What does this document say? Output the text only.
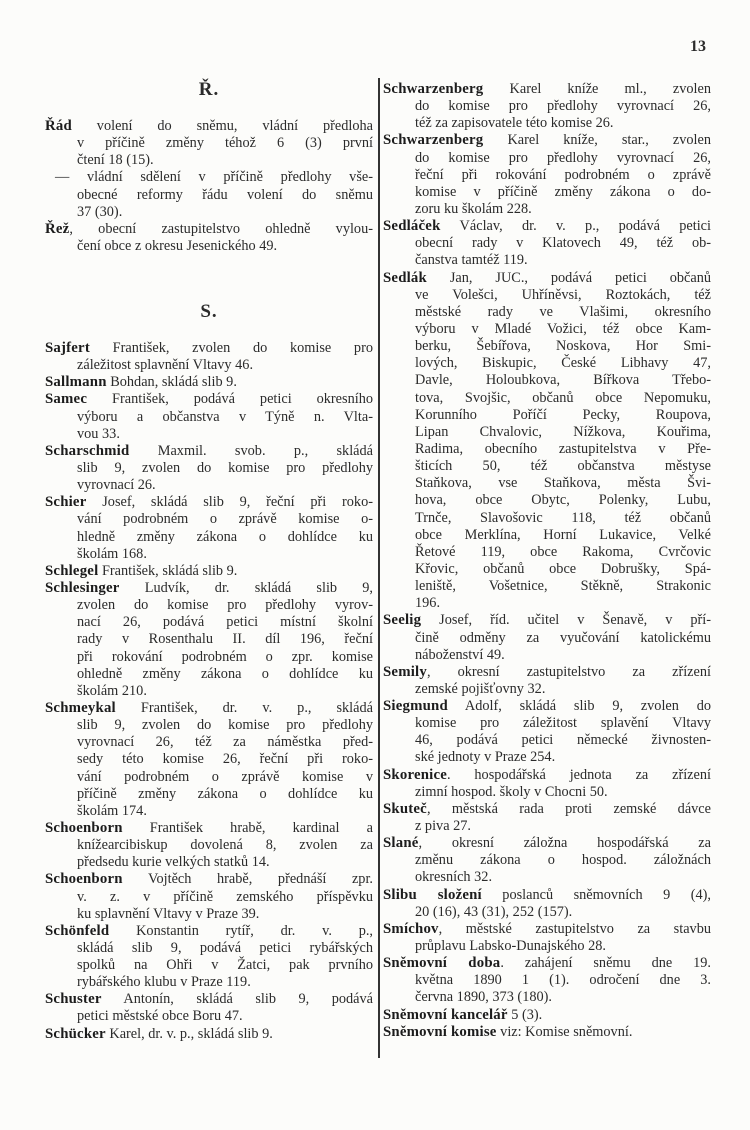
13
Ř.
Řád volení do sněmu, vládní předloha
v příčině změny téhož 6 (3) první
čtení 18 (15).
— vládní sdělení v příčině předlohy vše-
obecné reformy řádu volení do sněmu
37 (30).
Řež, obecní zastupitelstvo ohledně vylou-
čení obce z okresu Jesenického 49.
S.
Sajfert František, zvolen do komise pro
záležitost splavnění Vltavy 46.
Sallmann Bohdan, skládá slib 9.
Samec František, podává petici okresního
výboru a občanstva v Týně n. Vlta-
vou 33.
Scharschmid Maxmil. svob. p., skládá
slib 9, zvolen do komise pro předlohy
vyrovnací 26.
Schier Josef, skládá slib 9, řeční při roko-
vání podrobném o zprávě komise o-
hledně změny zákona o dohlídce ku
školám 168.
Schlegel František, skládá slib 9.
Schlesinger Ludvík, dr. skládá slib 9,
zvolen do komise pro předlohy vyrov-
nací 26, podává petici místní školní
rady v Rosenthalu II. díl 196, řeční
při rokování podrobném o zpr. komise
ohledně změny zákona o dohlídce ku
školám 210.
Schmeykal František, dr. v. p., skládá
slib 9, zvolen do komise pro předlohy
vyrovnací 26, též za náměstka před-
sedy této komise 26, řeční při roko-
vání podrobném o zprávě komise v
příčině změny zákona o dohlídce ku
školám 174.
Schoenborn František hrabě, kardinal a
knížearcibiskup dovolená 8, zvolen za
předsedu kurie velkých statků 14.
Schoenborn Vojtěch hrabě, přednáší zpr.
v. z. v příčině zemského příspěvku
ku splavnění Vltavy v Praze 39.
Schönfeld Konstantin rytíř, dr. v. p.,
skládá slib 9, podává petici rybářských
spolků na Ohři v Žatci, pak prvního
rybářského klubu v Praze 119.
Schuster Antonín, skládá slib 9, podává
petici městské obce Boru 47.
Schücker Karel, dr. v. p., skládá slib 9.
Schwarzenberg Karel kníže ml., zvolen
do komise pro předlohy vyrovnací 26,
též za zapisovatele této komise 26.
Schwarzenberg Karel kníže, star., zvolen
do komise pro předlohy vyrovnací 26,
řeční při rokování podrobném o zprávě
komise v příčině změny zákona o do-
zoru ku školám 228.
Sedláček Václav, dr. v. p., podává petici
obecní rady v Klatovech 49, též ob-
čanstva tamtéž 119.
Sedlák Jan, JUC., podává petici občanů
ve Volešci, Uhříněvsi, Roztokách, též
městské rady ve Vlašimi, okresního
výboru v Mladé Vožici, též obce Kam-
berku, Šebířova, Noskova, Hor Smi-
lových, Biskupic, České Libhavy 47,
Davle, Holoubkova, Bířkova Třebo-
tova, Svojšic, občanů obce Nepomuku,
Korunního Poříčí Pecky, Roupova,
Lipan Chvalovic, Nížkova, Kouřima,
Radima, obecního zastupitelstva v Pře-
šticích 50, též občanstva městyse
Staňkova, vse Staňkova, města Švi-
hova, obce Obytc, Polenky, Lubu,
Trnče, Slavošovic 118, též občanů
obce Merklína, Horní Lukavice, Velké
Řetové 119, obce Rakoma, Cvrčovic
Křovic, občanů obce Dobrušky, Spá-
leniště, Vošetnice, Stěkně, Strakonic
196.
Seelig Josef, říd. učitel v Šenavě, v pří-
čině odměny za vyučování katolickému
náboženství 49.
Semily, okresní zastupitelstvo za zřízení
zemské pojišťovny 32.
Siegmund Adolf, skládá slib 9, zvolen do
komise pro záležitost splavění Vltavy
46, podává petici německé živnosten-
ské jednoty v Praze 254.
Skorenice. hospodářská jednota za zřízení
zimní hospod. školy v Chocni 50.
Skuteč, městská rada proti zemské dávce
z piva 27.
Slané, okresní záložna hospodářská za
změnu zákona o hospod. záložnách
okresních 32.
Slibu složení poslanců sněmovních 9 (4),
20 (16), 43 (31), 252 (157).
Smíchov, městské zastupitelstvo za stavbu
průplavu Labsko-Dunajského 28.
Sněmovní doba. zahájení sněmu dne 19.
května 1890 1 (1). odročení dne 3.
června 1890, 373 (180).
Sněmovní kancelář 5 (3).
Sněmovní komise viz: Komise sněmovní.
